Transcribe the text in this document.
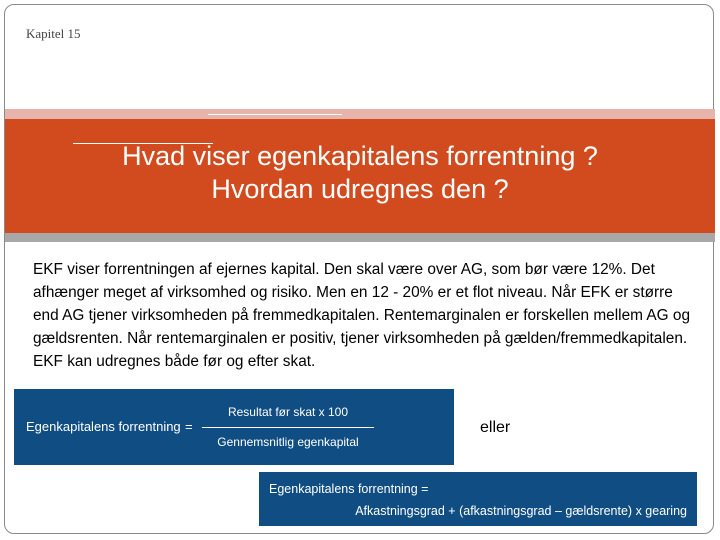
Kapitel 15
Hvad viser egenkapitalens forrentning ?
Hvordan udregnes den ?
EKF viser forrentningen af ejernes kapital. Den skal være over AG, som bør være 12%. Det afhænger meget af virksomhed og risiko. Men en 12 - 20% er et flot niveau. Når EFK er større end AG tjener virksomheden på fremmedkapitalen. Rentemarginalen er forskellen mellem AG og gældsrenten. Når rentemarginalen er positiv, tjener virksomheden på gælden/fremmedkapitalen. EKF kan udregnes både før og efter skat.
Egenkapitalens forrentning =
Resultat før skat x 100
Gennemsnitlig egenkapital
eller
Egenkapitalens forrentning =
Afkastningsgrad + (afkastningsgrad – gældsrente) x gearing
